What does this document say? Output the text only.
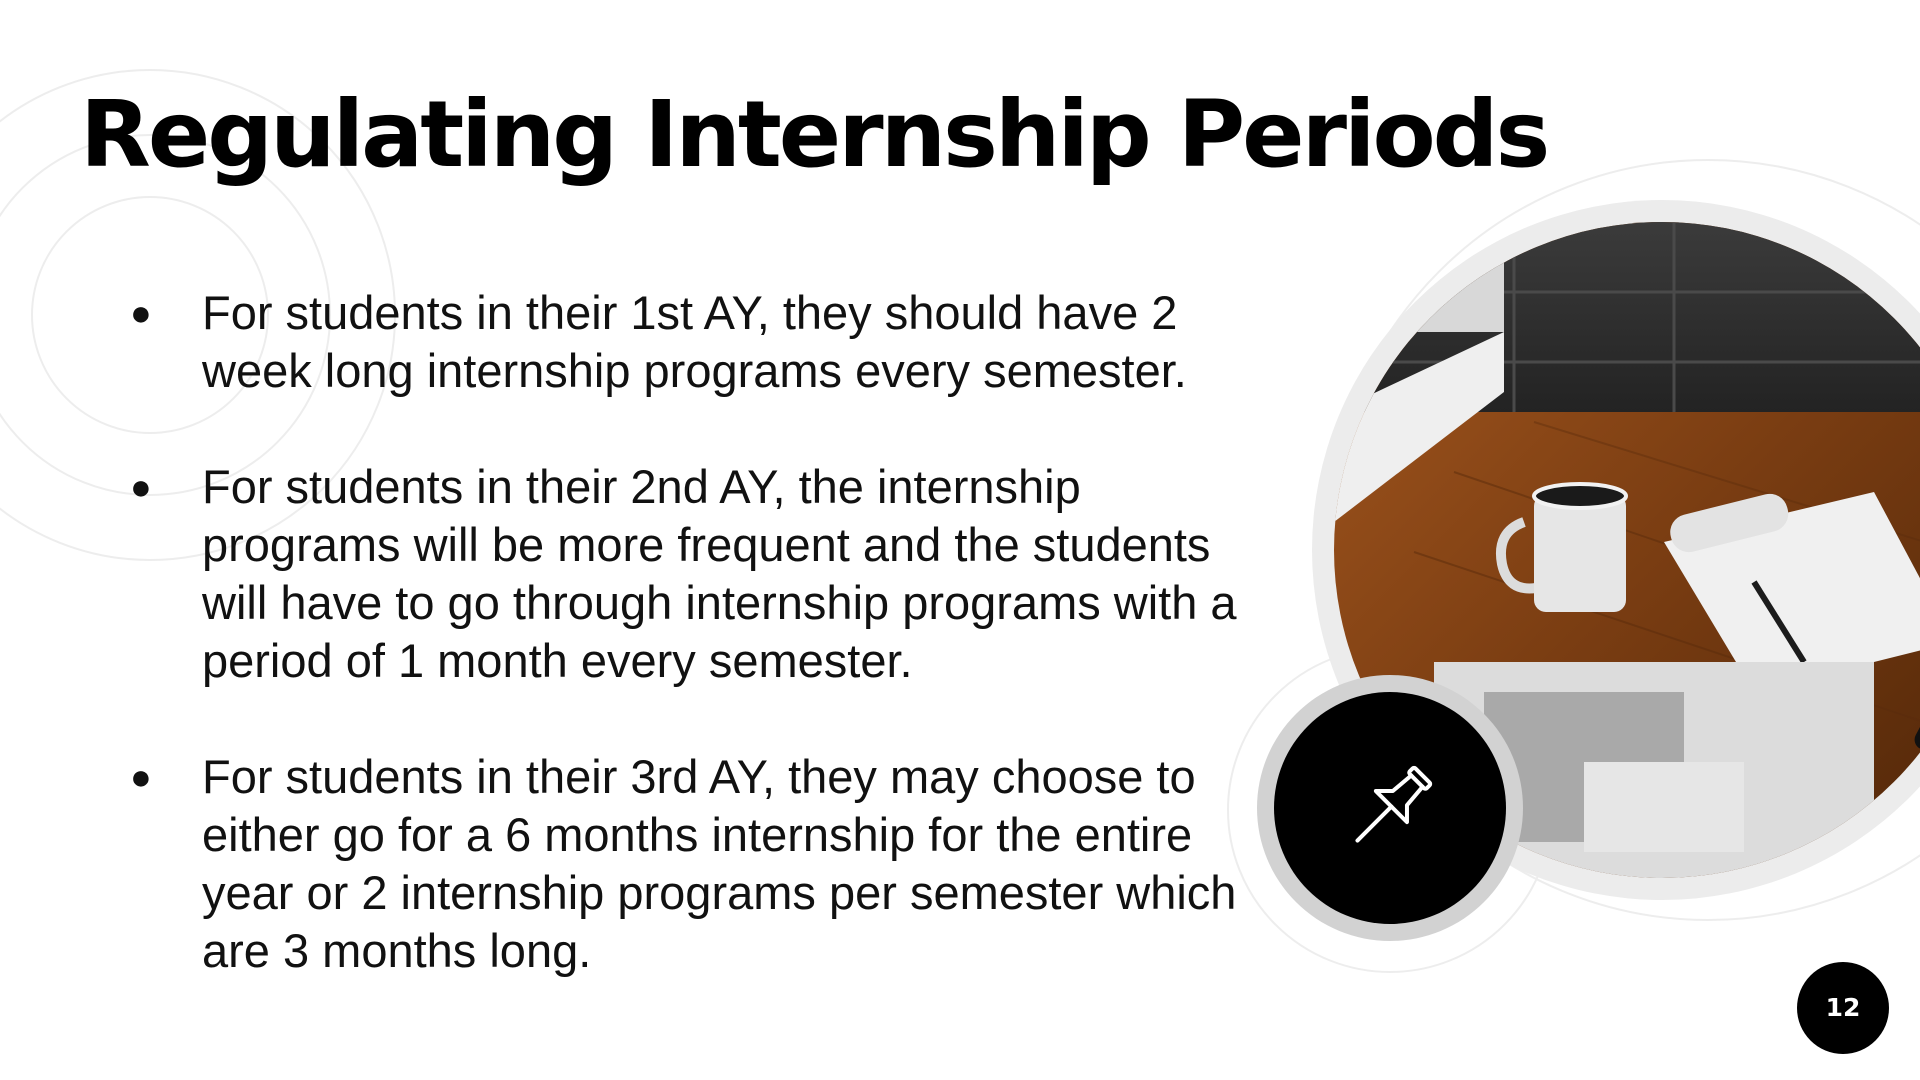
Regulating Internship Periods
● For students in their 1st AY, they should have 2 week long internship programs every semester.
● For students in their 2nd AY, the internship programs will be more frequent and the students will have to go through internship programs with a period of 1 month every semester.
● For students in their 3rd AY, they may choose to either go for a 6 months internship for the entire year or 2 internship programs per semester which are 3 months long.
12
